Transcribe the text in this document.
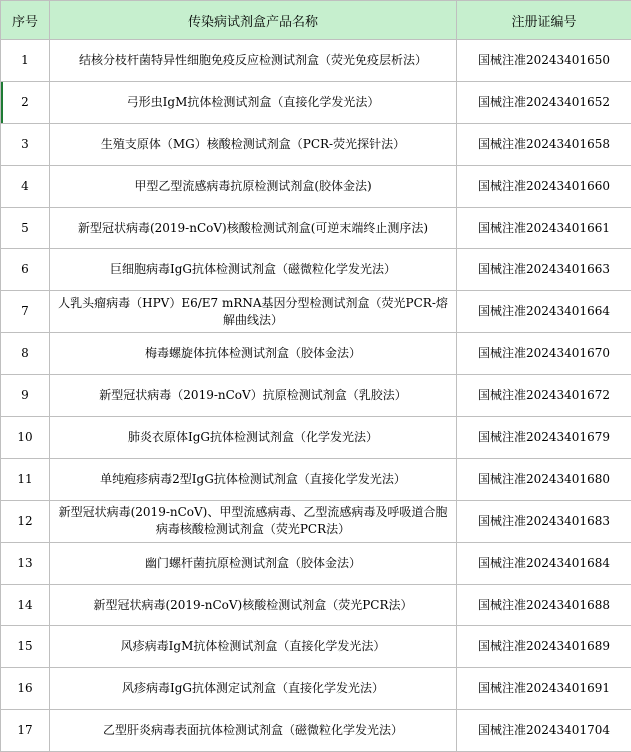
序号	传染病试剂盒产品名称	注册证编号
1	结核分枝杆菌特异性细胞免疫反应检测试剂盒（荧光免疫层析法）	国械注准20243401650
2	弓形虫IgM抗体检测试剂盒（直接化学发光法）	国械注准20243401652
3	生殖支原体（MG）核酸检测试剂盒（PCR-荧光探针法）	国械注准20243401658
4	甲型乙型流感病毒抗原检测试剂盒(胶体金法)	国械注准20243401660
5	新型冠状病毒(2019-nCoV)核酸检测试剂盒(可逆末端终止测序法)	国械注准20243401661
6	巨细胞病毒IgG抗体检测试剂盒（磁微粒化学发光法）	国械注准20243401663
7	人乳头瘤病毒（HPV）E6/E7 mRNA基因分型检测试剂盒（荧光PCR-熔解曲线法）	国械注准20243401664
8	梅毒螺旋体抗体检测试剂盒（胶体金法）	国械注准20243401670
9	新型冠状病毒（2019-nCoV）抗原检测试剂盒（乳胶法）	国械注准20243401672
10	肺炎衣原体IgG抗体检测试剂盒（化学发光法）	国械注准20243401679
11	单纯疱疹病毒2型IgG抗体检测试剂盒（直接化学发光法）	国械注准20243401680
12	新型冠状病毒(2019-nCoV)、甲型流感病毒、乙型流感病毒及呼吸道合胞病毒核酸检测试剂盒（荧光PCR法）	国械注准20243401683
13	幽门螺杆菌抗原检测试剂盒（胶体金法）	国械注准20243401684
14	新型冠状病毒(2019-nCoV)核酸检测试剂盒（荧光PCR法）	国械注准20243401688
15	风疹病毒IgM抗体检测试剂盒（直接化学发光法）	国械注准20243401689
16	风疹病毒IgG抗体测定试剂盒（直接化学发光法）	国械注准20243401691
17	乙型肝炎病毒表面抗体检测试剂盒（磁微粒化学发光法）	国械注准20243401704
